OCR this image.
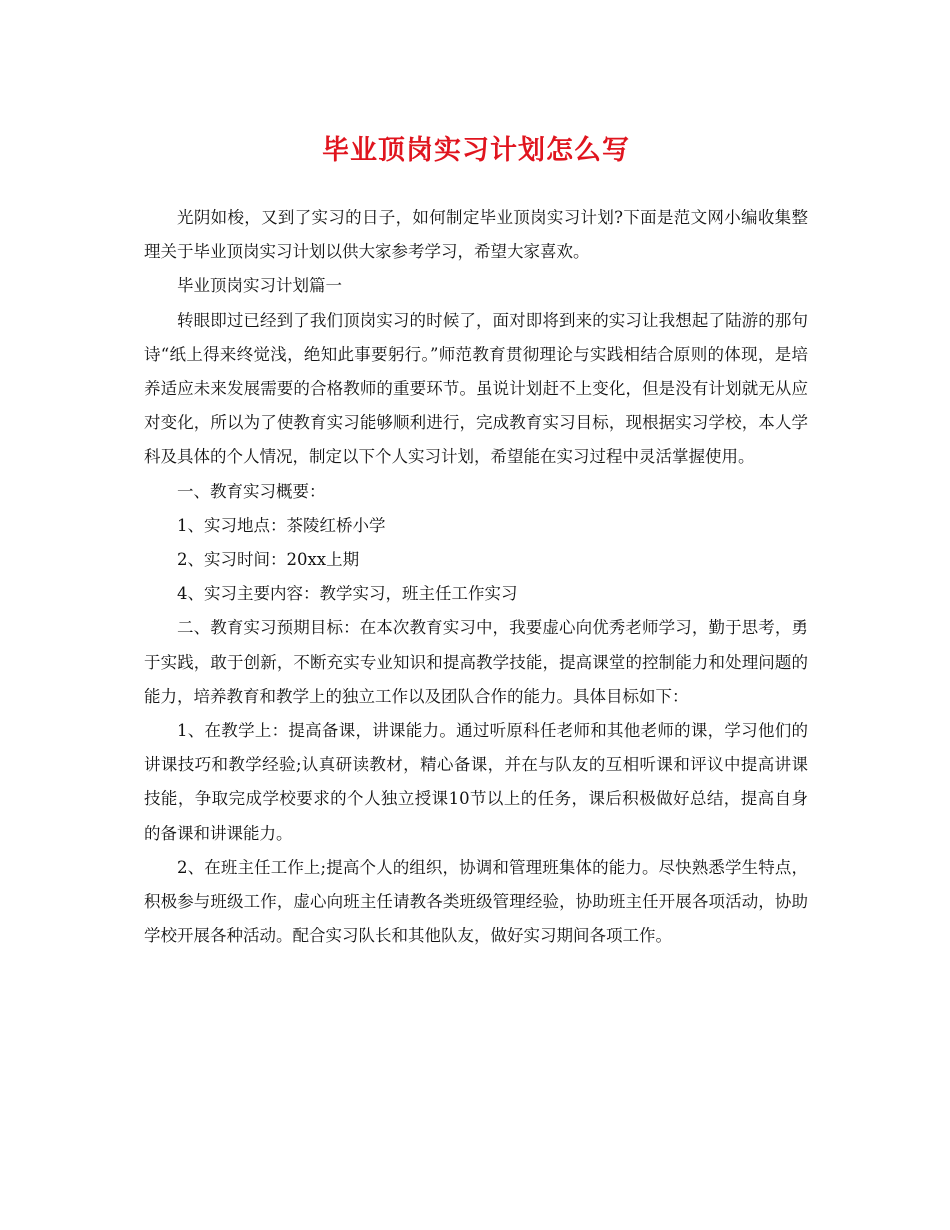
毕业顶岗实习计划怎么写

光阴如梭，又到了实习的日子，如何制定毕业顶岗实习计划?下面是范文网小编收集整理关于毕业顶岗实习计划以供大家参考学习，希望大家喜欢。

毕业顶岗实习计划篇一

转眼即过已经到了我们顶岗实习的时候了，面对即将到来的实习让我想起了陆游的那句诗“纸上得来终觉浅，绝知此事要躬行。”师范教育贯彻理论与实践相结合原则的体现，是培养适应未来发展需要的合格教师的重要环节。虽说计划赶不上变化，但是没有计划就无从应对变化，所以为了使教育实习能够顺利进行，完成教育实习目标，现根据实习学校，本人学科及具体的个人情况，制定以下个人实习计划，希望能在实习过程中灵活掌握使用。

一、教育实习概要：

1、实习地点：茶陵红桥小学

2、实习时间：20xx上期

4、实习主要内容：教学实习，班主任工作实习

二、教育实习预期目标：在本次教育实习中，我要虚心向优秀老师学习，勤于思考，勇于实践，敢于创新，不断充实专业知识和提高教学技能，提高课堂的控制能力和处理问题的能力，培养教育和教学上的独立工作以及团队合作的能力。具体目标如下：

1、在教学上：提高备课，讲课能力。通过听原科任老师和其他老师的课，学习他们的讲课技巧和教学经验;认真研读教材，精心备课，并在与队友的互相听课和评议中提高讲课技能，争取完成学校要求的个人独立授课10节以上的任务，课后积极做好总结，提高自身的备课和讲课能力。

2、在班主任工作上;提高个人的组织，协调和管理班集体的能力。尽快熟悉学生特点，积极参与班级工作，虚心向班主任请教各类班级管理经验，协助班主任开展各项活动，协助学校开展各种活动。配合实习队长和其他队友，做好实习期间各项工作。
